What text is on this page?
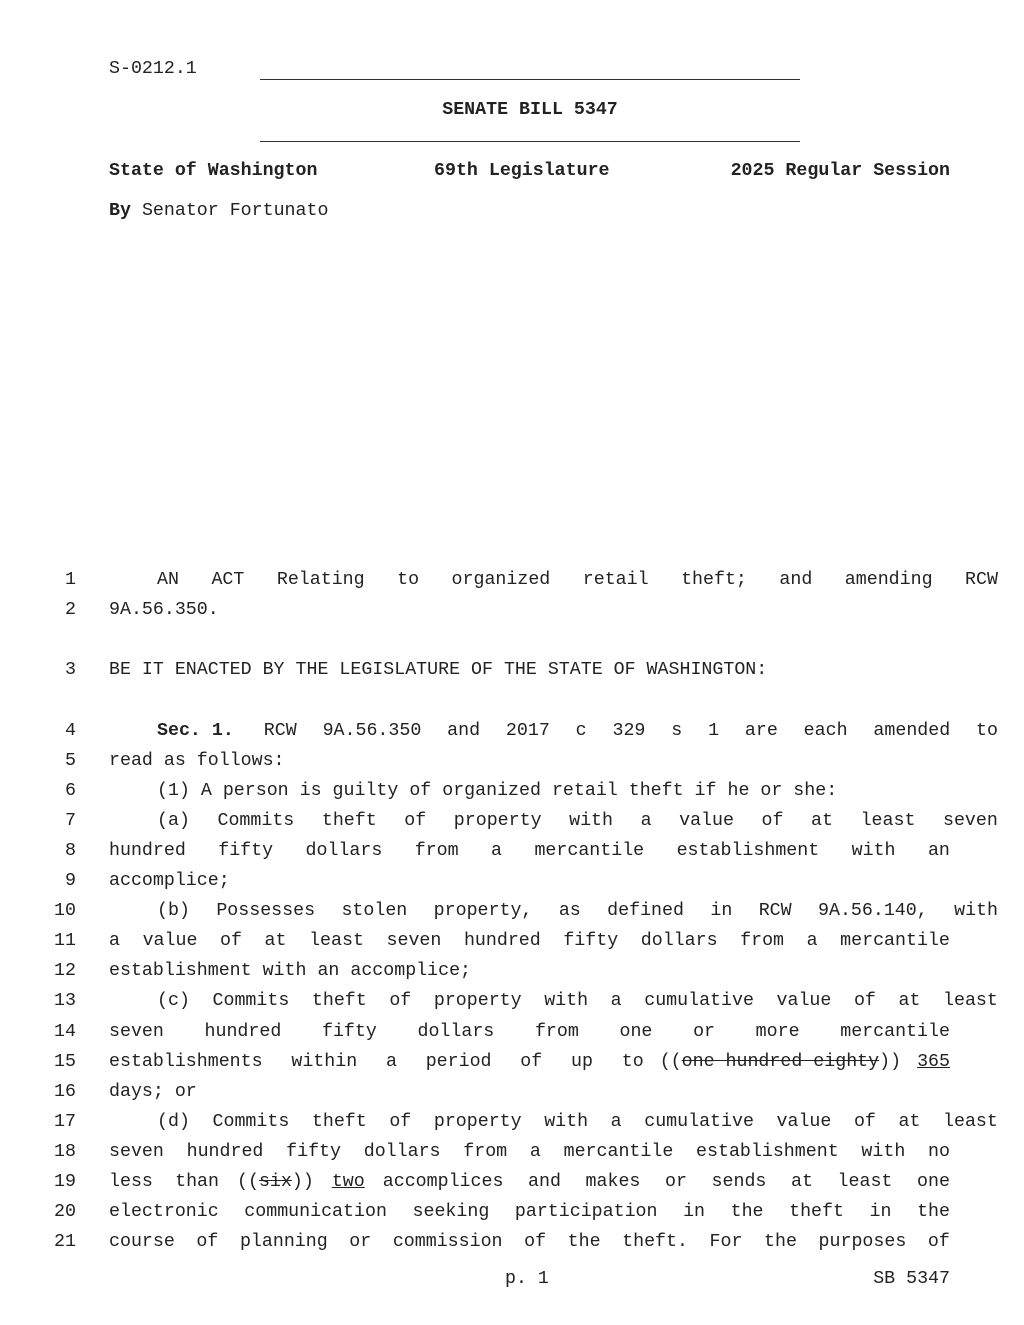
S-0212.1
SENATE BILL 5347
State of Washington	69th Legislature	2025 Regular Session
By Senator Fortunato
1
2
3
4
5
6
7
8
9
10
11
12
13
14
15
16
17
18
19
20
21
AN ACT Relating to organized retail theft; and amending RCW
9A.56.350.
BE IT ENACTED BY THE LEGISLATURE OF THE STATE OF WASHINGTON:
Sec. 1. RCW 9A.56.350 and 2017 c 329 s 1 are each amended to
read as follows:
(1) A person is guilty of organized retail theft if he or she:
(a) Commits theft of property with a value of at least seven
hundred fifty dollars from a mercantile establishment with an
accomplice;
(b) Possesses stolen property, as defined in RCW 9A.56.140, with
a value of at least seven hundred fifty dollars from a mercantile
establishment with an accomplice;
(c) Commits theft of property with a cumulative value of at least
seven hundred fifty dollars from one or more mercantile
establishments within a period of up to ((one hundred eighty)) 365
days; or
(d) Commits theft of property with a cumulative value of at least
seven hundred fifty dollars from a mercantile establishment with no
less than ((six)) two accomplices and makes or sends at least one
electronic communication seeking participation in the theft in the
course of planning or commission of the theft. For the purposes of
p. 1	SB 5347
